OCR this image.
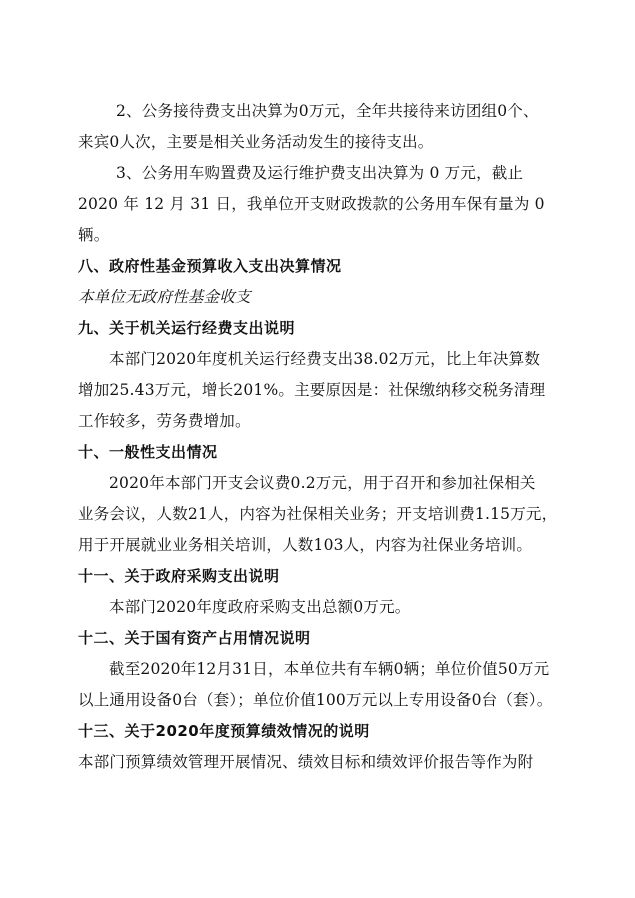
2、公务接待费支出决算为0万元，全年共接待来访团组0个、
来宾0人次，主要是相关业务活动发生的接待支出。
3、公务用车购置费及运行维护费支出决算为 0 万元，截止
2020 年 12 月 31 日，我单位开支财政拨款的公务用车保有量为 0
辆。
八、政府性基金预算收入支出决算情况
本单位无政府性基金收支
九、关于机关运行经费支出说明
本部门2020年度机关运行经费支出38.02万元，比上年决算数
增加25.43万元，增长201%。主要原因是：社保缴纳移交税务清理
工作较多，劳务费增加。
十、一般性支出情况
2020年本部门开支会议费0.2万元，用于召开和参加社保相关
业务会议，人数21人，内容为社保相关业务；开支培训费1.15万元，
用于开展就业业务相关培训，人数103人，内容为社保业务培训。
十一、关于政府采购支出说明
本部门2020年度政府采购支出总额0万元。
十二、关于国有资产占用情况说明
截至2020年12月31日，本单位共有车辆0辆；单位价值50万元
以上通用设备0台（套）；单位价值100万元以上专用设备0台（套）。
十三、关于2020年度预算绩效情况的说明
本部门预算绩效管理开展情况、绩效目标和绩效评价报告等作为附
